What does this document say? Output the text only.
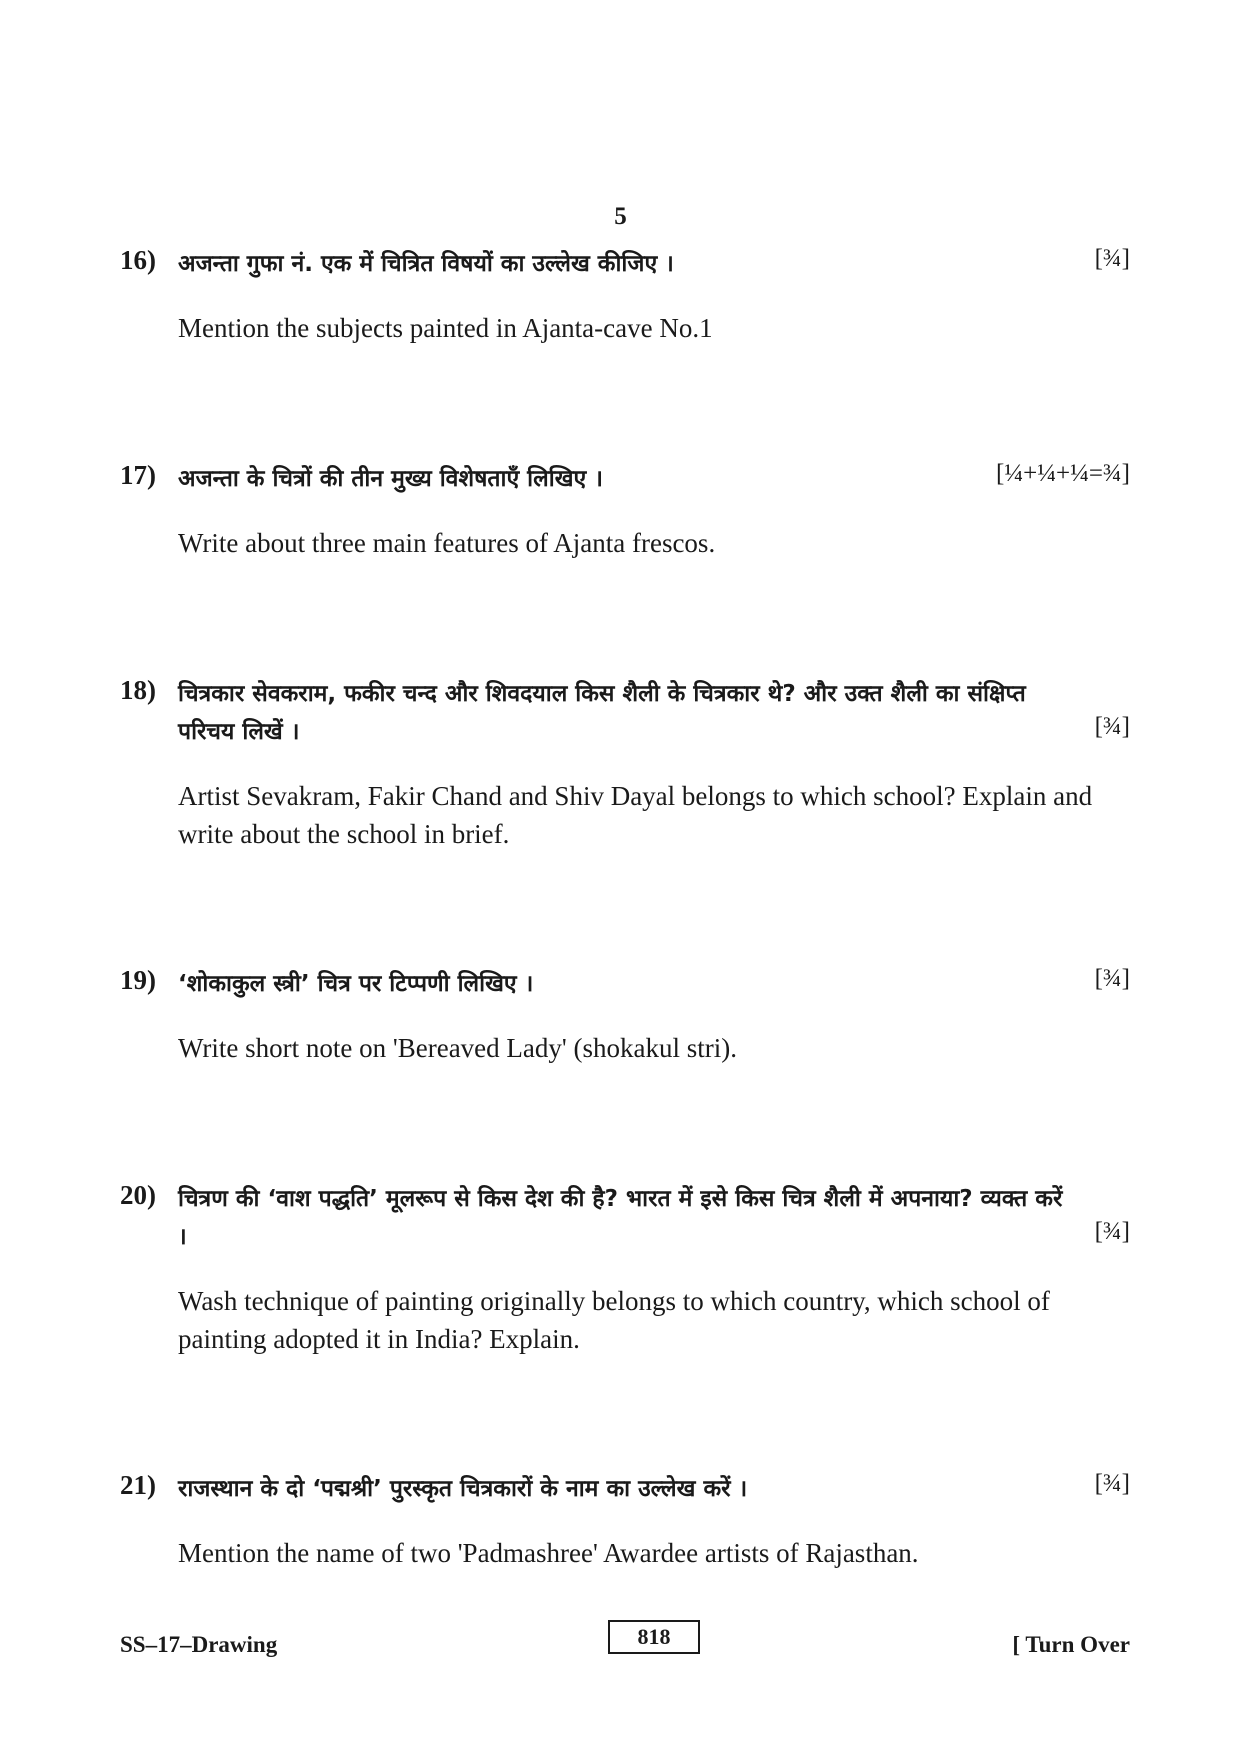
5
16) अजन्ता गुफा नं. एक में चित्रित विषयों का उल्लेख कीजिए ।	[¾]
Mention the subjects painted in Ajanta-cave No.1
17) अजन्ता के चित्रों की तीन मुख्य विशेषताएँ लिखिए ।	[¼+¼+¼=¾]
Write about three main features of Ajanta frescos.
18) चित्रकार सेवकराम, फकीर चन्द और शिवदयाल किस शैली के चित्रकार थे? और उक्त शैली का संक्षिप्त परिचय लिखें ।	[¾]
Artist Sevakram, Fakir Chand and Shiv Dayal belongs to which school? Explain and write about the school in brief.
19) ‘शोकाकुल स्त्री’ चित्र पर टिप्पणी लिखिए ।	[¾]
Write short note on 'Bereaved Lady' (shokakul stri).
20) चित्रण की ‘वाश पद्धति’ मूलरूप से किस देश की है? भारत में इसे किस चित्र शैली में अपनाया? व्यक्त करें ।	[¾]
Wash technique of painting originally belongs to which country, which school of painting adopted it in India? Explain.
21) राजस्थान के दो ‘पद्मश्री’ पुरस्कृत चित्रकारों के नाम का उल्लेख करें ।	[¾]
Mention the name of two 'Padmashree' Awardee artists of Rajasthan.
SS–17–Drawing	818	[ Turn Over
